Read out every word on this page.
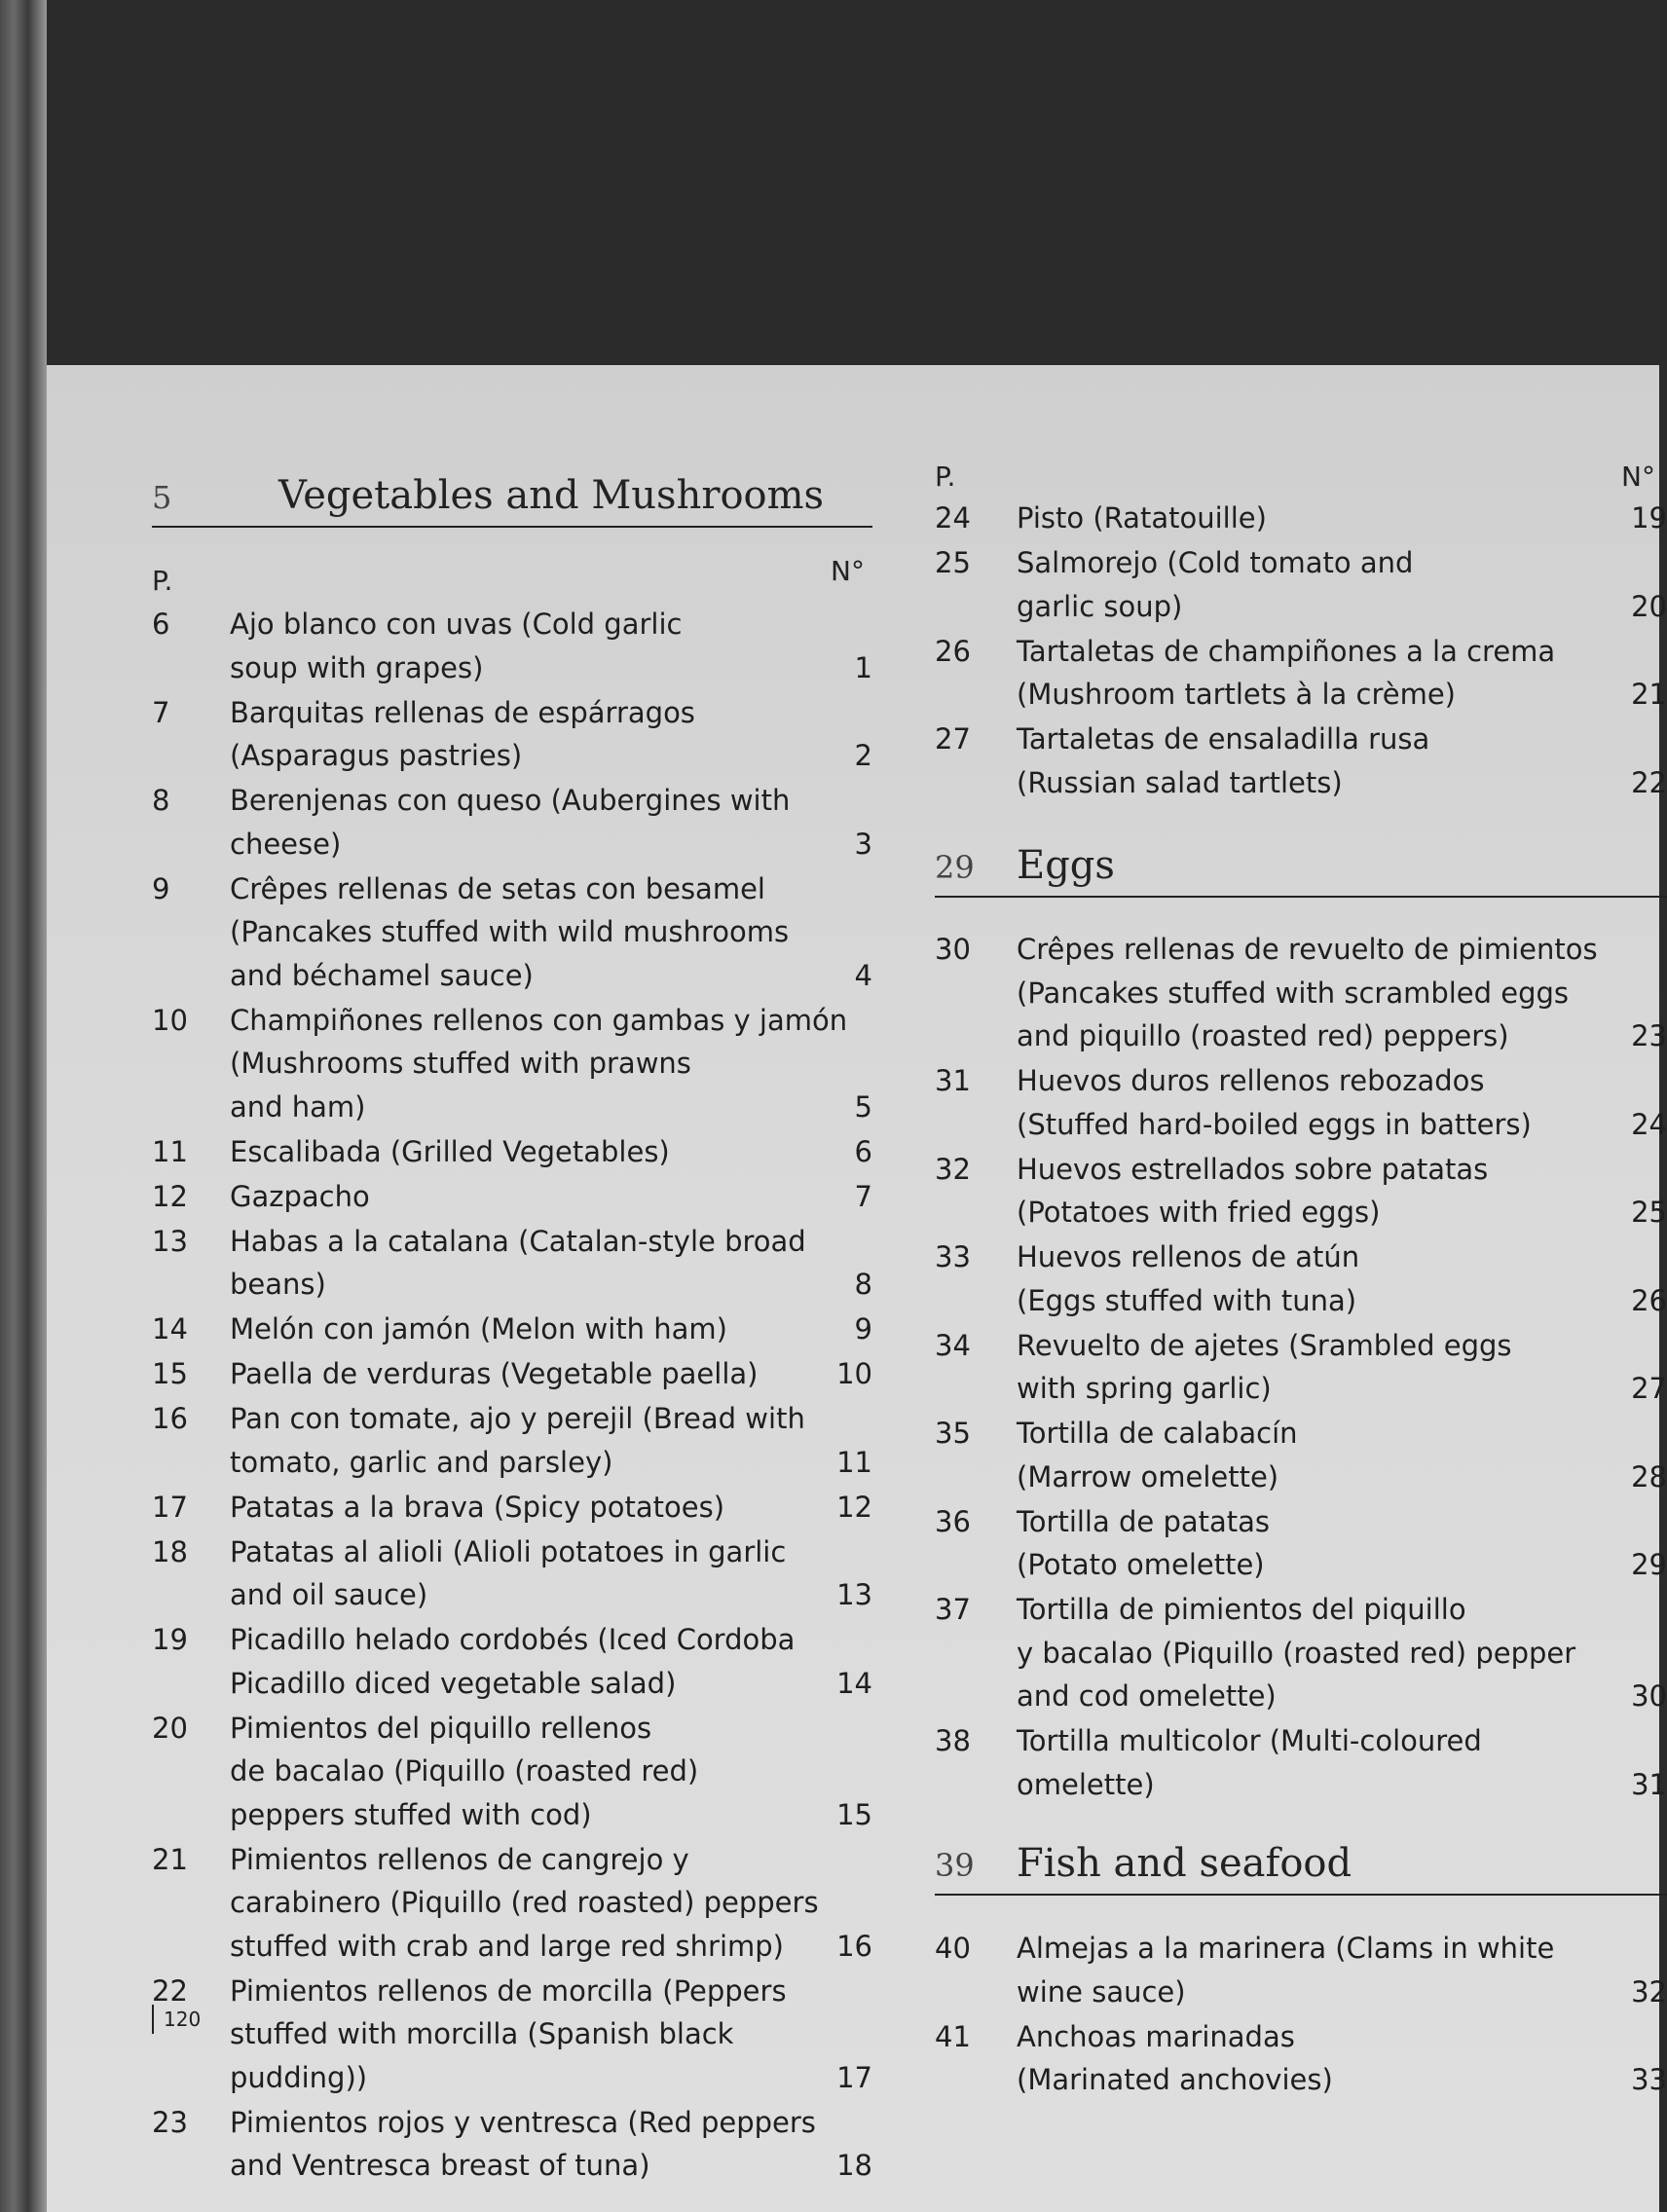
5	Vegetables and Mushrooms
P.	N°
6 Ajo blanco con uvas (Cold garlic
soup with grapes)	1
7 Barquitas rellenas de espárragos
(Asparagus pastries)	2
8 Berenjenas con queso (Aubergines with
cheese)	3
9 Crêpes rellenas de setas con besamel
(Pancakes stuffed with wild mushrooms
and béchamel sauce)	4
10 Champiñones rellenos con gambas y jamón
(Mushrooms stuffed with prawns
and ham)	5
11 Escalibada (Grilled Vegetables)	6
12 Gazpacho	7
13 Habas a la catalana (Catalan-style broad
beans)	8
14 Melón con jamón (Melon with ham)	9
15 Paella de verduras (Vegetable paella)	10
16 Pan con tomate, ajo y perejil (Bread with
tomato, garlic and parsley)	11
17 Patatas a la brava (Spicy potatoes)	12
18 Patatas al alioli (Alioli potatoes in garlic
and oil sauce)	13
19 Picadillo helado cordobés (Iced Cordoba
Picadillo diced vegetable salad)	14
20 Pimientos del piquillo rellenos
de bacalao (Piquillo (roasted red)
peppers stuffed with cod)	15
21 Pimientos rellenos de cangrejo y
carabinero (Piquillo (red roasted) peppers
stuffed with crab and large red shrimp)	16
22 Pimientos rellenos de morcilla (Peppers
stuffed with morcilla (Spanish black
pudding))	17
23 Pimientos rojos y ventresca (Red peppers
and Ventresca breast of tuna)	18
P.	N°
24 Pisto (Ratatouille)	19
25 Salmorejo (Cold tomato and
garlic soup)	20
26 Tartaletas de champiñones a la crema
(Mushroom tartlets à la crème)	21
27 Tartaletas de ensaladilla rusa
(Russian salad tartlets)	22
29 Eggs
30 Crêpes rellenas de revuelto de pimientos
(Pancakes stuffed with scrambled eggs
and piquillo (roasted red) peppers)	23
31 Huevos duros rellenos rebozados
(Stuffed hard-boiled eggs in batters)	24
32 Huevos estrellados sobre patatas
(Potatoes with fried eggs)	25
33 Huevos rellenos de atún
(Eggs stuffed with tuna)	26
34 Revuelto de ajetes (Srambled eggs
with spring garlic)	27
35 Tortilla de calabacín
(Marrow omelette)	28
36 Tortilla de patatas
(Potato omelette)	29
37 Tortilla de pimientos del piquillo
y bacalao (Piquillo (roasted red) pepper
and cod omelette)	30
38 Tortilla multicolor (Multi-coloured
omelette)	31
39 Fish and seafood
40 Almejas a la marinera (Clams in white
wine sauce)	32
41 Anchoas marinadas
(Marinated anchovies)	33
120
